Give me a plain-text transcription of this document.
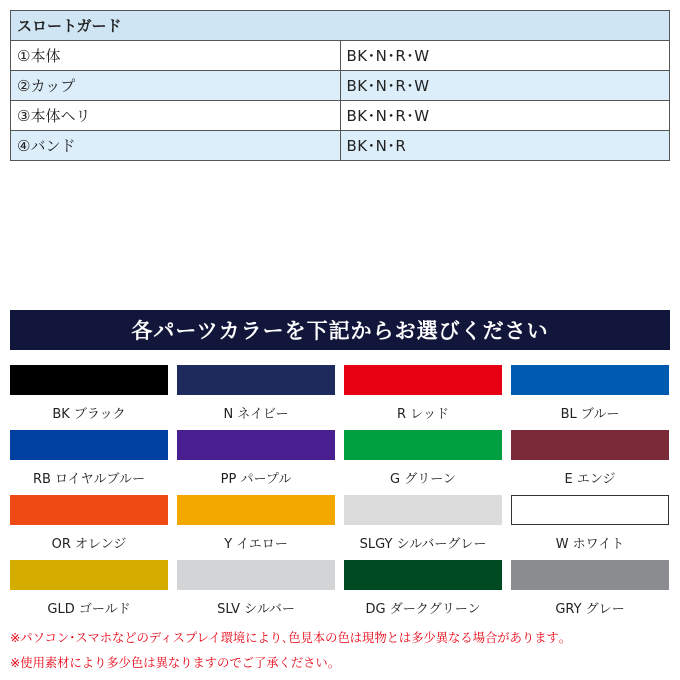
スロートガード	
①本体	BK･N･R･W
②カップ	BK･N･R･W
③本体ヘリ	BK･N･R･W
④バンド	BK･N･R
各パーツカラーを下記からお選びください
BK ブラック	N ネイビー	R レッド	BL ブルー
RB ロイヤルブルー	PP パープル	G グリーン	E エンジ
OR オレンジ	Y イエロー	SLGY シルバーグレー	W ホワイト
GLD ゴールド	SLV シルバー	DG ダークグリーン	GRY グレー
※パソコン･スマホなどのディスプレイ環境により､色見本の色は現物とは多少異なる場合があります｡
※使用素材により多少色は異なりますのでご了承ください｡
